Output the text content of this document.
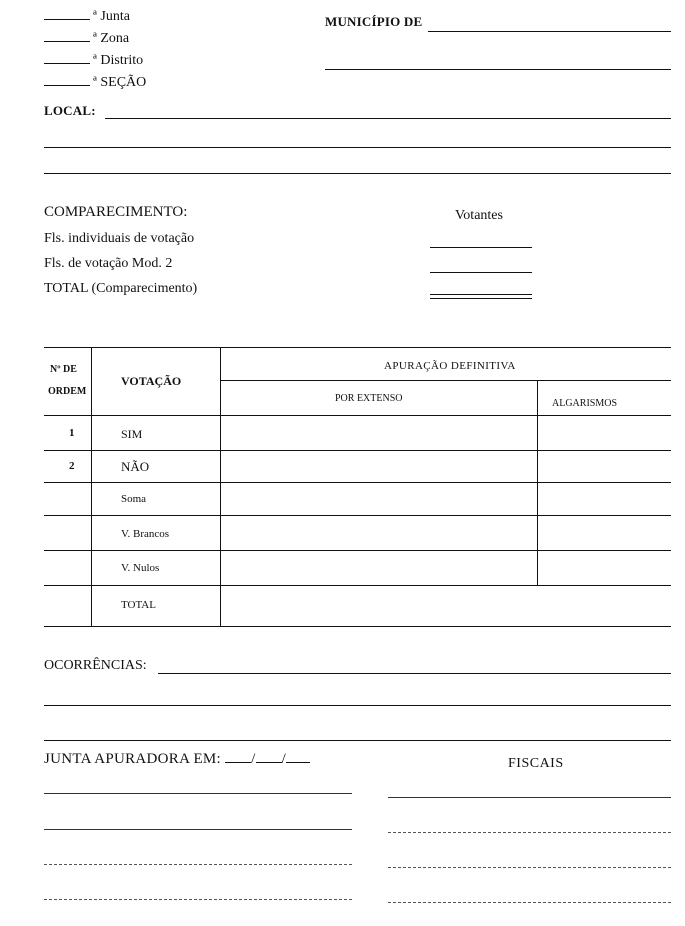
ª Junta
ª Zona
ª Distrito
ª SEÇÃO
MUNICÍPIO DE
LOCAL:
COMPARECIMENTO:	Votantes
Fls. individuais de votação
Fls. de votação Mod. 2
TOTAL (Comparecimento)
Nº DE
ORDEM
VOTAÇÃO
APURAÇÃO DEFINITIVA
POR EXTENSO	ALGARISMOS
1	SIM
2	NÃO
Soma
V. Brancos
V. Nulos
TOTAL
OCORRÊNCIAS:
JUNTA APURADORA EM: / /	FISCAIS
